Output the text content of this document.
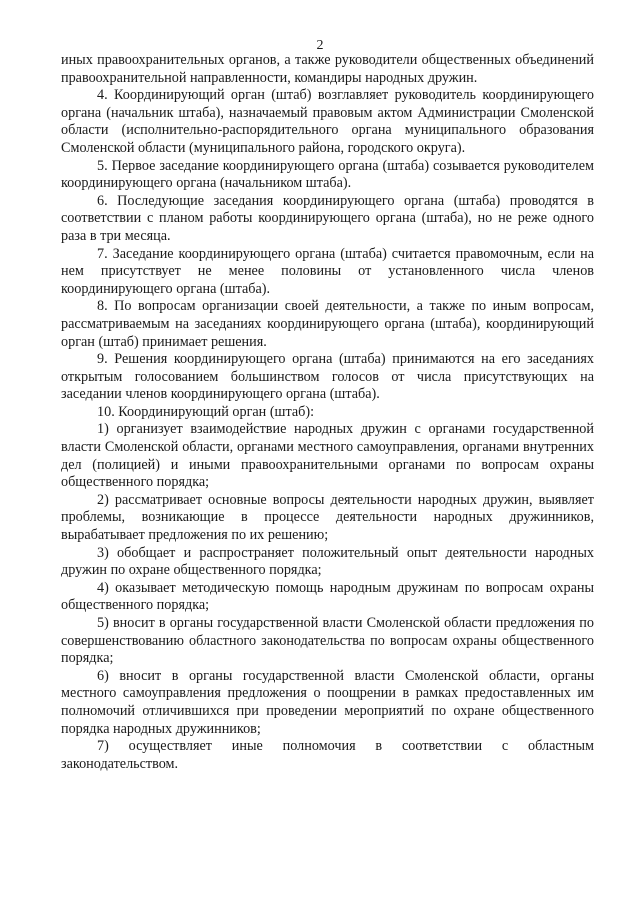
2

иных правоохранительных органов, а также руководители общественных объединений правоохранительной направленности, командиры народных дружин.

4. Координирующий орган (штаб) возглавляет руководитель координирующего органа (начальник штаба), назначаемый правовым актом Администрации Смоленской области (исполнительно-распорядительного органа муниципального образования Смоленской области (муниципального района, городского округа).

5. Первое заседание координирующего органа (штаба) созывается руководителем координирующего органа (начальником штаба).

6. Последующие заседания координирующего органа (штаба) проводятся в соответствии с планом работы координирующего органа (штаба), но не реже одного раза в три месяца.

7. Заседание координирующего органа (штаба) считается правомочным, если на нем присутствует не менее половины от установленного числа членов координирующего органа (штаба).

8. По вопросам организации своей деятельности, а также по иным вопросам, рассматриваемым на заседаниях координирующего органа (штаба), координирующий орган (штаб) принимает решения.

9. Решения координирующего органа (штаба) принимаются на его заседаниях открытым голосованием большинством голосов от числа присутствующих на заседании членов координирующего органа (штаба).

10. Координирующий орган (штаб):

1) организует взаимодействие народных дружин с органами государственной власти Смоленской области, органами местного самоуправления, органами внутренних дел (полицией) и иными правоохранительными органами по вопросам охраны общественного порядка;

2) рассматривает основные вопросы деятельности народных дружин, выявляет проблемы, возникающие в процессе деятельности народных дружинников, вырабатывает предложения по их решению;

3) обобщает и распространяет положительный опыт деятельности народных дружин по охране общественного порядка;

4) оказывает методическую помощь народным дружинам по вопросам охраны общественного порядка;

5) вносит в органы государственной власти Смоленской области предложения по совершенствованию областного законодательства по вопросам охраны общественного порядка;

6) вносит в органы государственной власти Смоленской области, органы местного самоуправления предложения о поощрении в рамках предоставленных им полномочий отличившихся при проведении мероприятий по охране общественного порядка народных дружинников;

7) осуществляет иные полномочия в соответствии с областным законодательством.
